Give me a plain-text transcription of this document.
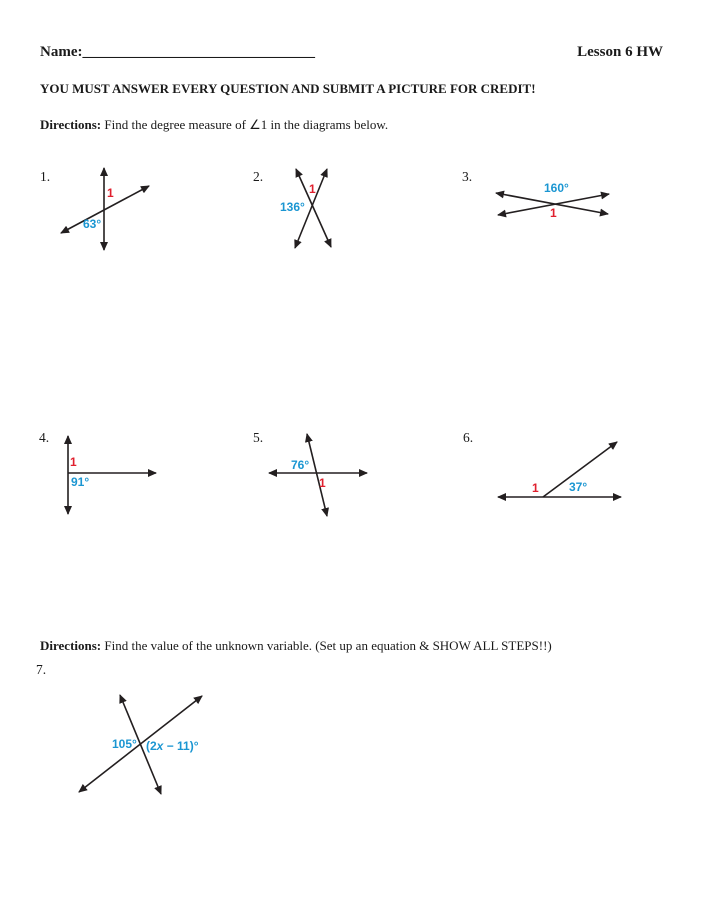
Name:_______________________________	Lesson 6 HW
YOU MUST ANSWER EVERY QUESTION AND SUBMIT A PICTURE FOR CREDIT!
Directions: Find the degree measure of ∠1 in the diagrams below.
1.	2.	3.
1
63°
1
136°
160°
1
4.	5.	6.
1
91°
76°
1	1	37°
Directions: Find the value of the unknown variable. (Set up an equation & SHOW ALL STEPS!!)
7.
105° (2x − 11)°
